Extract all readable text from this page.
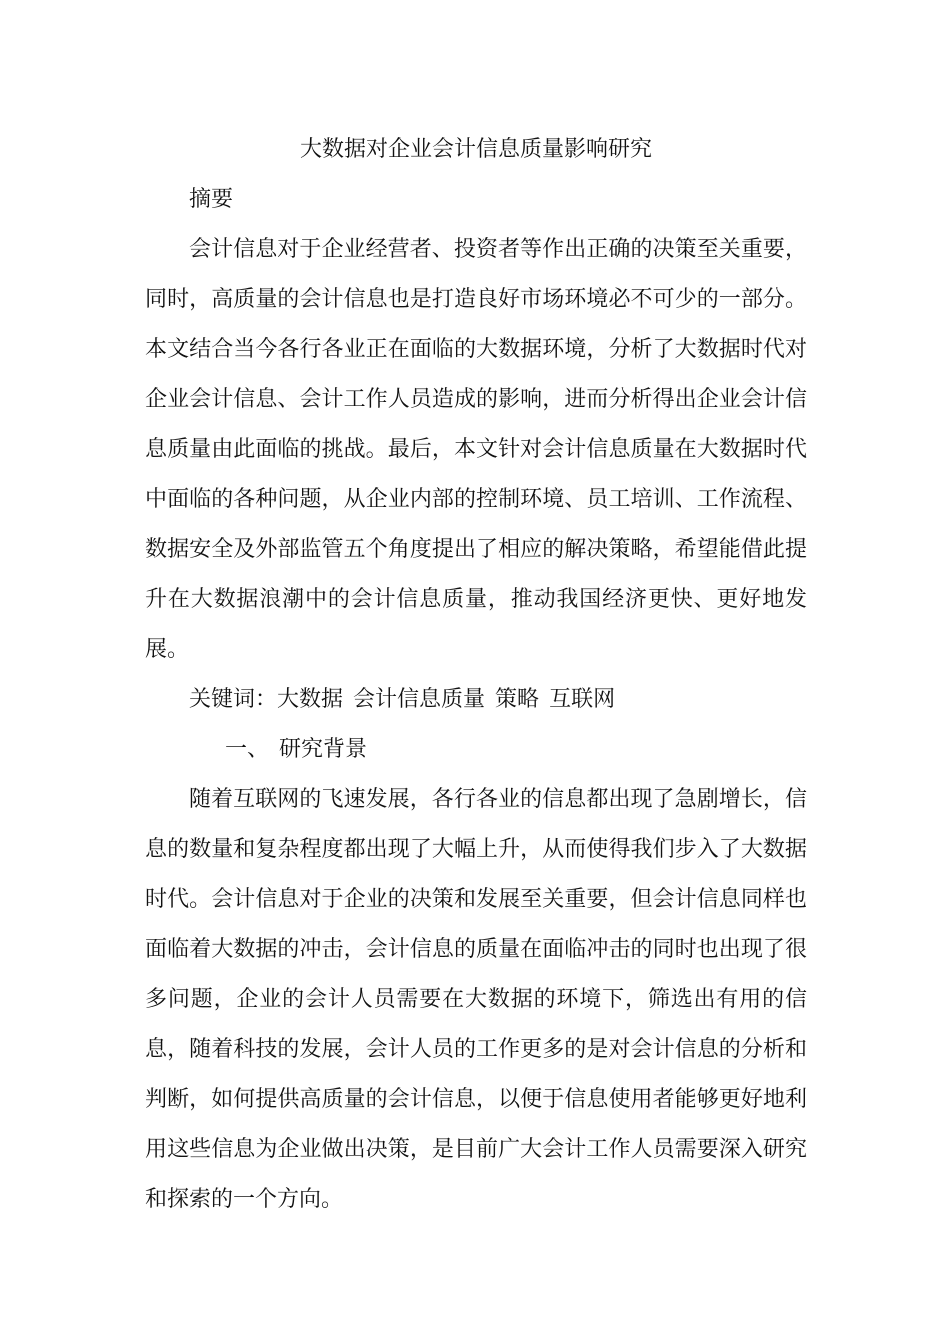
大数据对企业会计信息质量影响研究

摘要

会计信息对于企业经营者、投资者等作出正确的决策至关重要，同时，高质量的会计信息也是打造良好市场环境必不可少的一部分。本文结合当今各行各业正在面临的大数据环境，分析了大数据时代对企业会计信息、会计工作人员造成的影响，进而分析得出企业会计信息质量由此面临的挑战。最后，本文针对会计信息质量在大数据时代中面临的各种问题，从企业内部的控制环境、员工培训、工作流程、数据安全及外部监管五个角度提出了相应的解决策略，希望能借此提升在大数据浪潮中的会计信息质量，推动我国经济更快、更好地发展。

关键词：大数据 会计信息质量 策略 互联网

一、 研究背景

随着互联网的飞速发展，各行各业的信息都出现了急剧增长，信息的数量和复杂程度都出现了大幅上升，从而使得我们步入了大数据时代。会计信息对于企业的决策和发展至关重要，但会计信息同样也面临着大数据的冲击，会计信息的质量在面临冲击的同时也出现了很多问题，企业的会计人员需要在大数据的环境下，筛选出有用的信息，随着科技的发展，会计人员的工作更多的是对会计信息的分析和判断，如何提供高质量的会计信息，以便于信息使用者能够更好地利用这些信息为企业做出决策，是目前广大会计工作人员需要深入研究和探索的一个方向。
